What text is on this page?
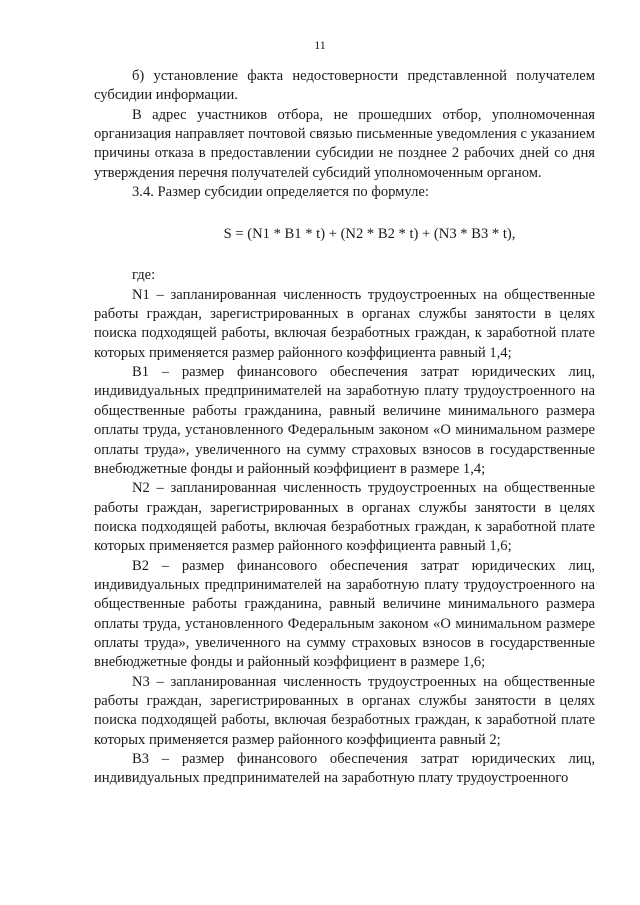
11

б) установление факта недостоверности представленной получателем субсидии информации.

В адрес участников отбора, не прошедших отбор, уполномоченная организация направляет почтовой связью письменные уведомления с указанием причины отказа в предоставлении субсидии не позднее 2 рабочих дней со дня утверждения перечня получателей субсидий уполномоченным органом.

3.4. Размер субсидии определяется по формуле:

S = (N1 * В1 * t) + (N2 * В2 * t) + (N3 * В3 * t),

где:

N1 – запланированная численность трудоустроенных на общественные работы граждан, зарегистрированных в органах службы занятости в целях поиска подходящей работы, включая безработных граждан, к заработной плате которых применяется размер районного коэффициента равный 1,4;

В1 – размер финансового обеспечения затрат юридических лиц, индивидуальных предпринимателей на заработную плату трудоустроенного на общественные работы гражданина, равный величине минимального размера оплаты труда, установленного Федеральным законом «О минимальном размере оплаты труда», увеличенного на сумму страховых взносов в государственные внебюджетные фонды и районный коэффициент в размере 1,4;

N2 – запланированная численность трудоустроенных на общественные работы граждан, зарегистрированных в органах службы занятости в целях поиска подходящей работы, включая безработных граждан, к заработной плате которых применяется размер районного коэффициента равный 1,6;

В2 – размер финансового обеспечения затрат юридических лиц, индивидуальных предпринимателей на заработную плату трудоустроенного на общественные работы гражданина, равный величине минимального размера оплаты труда, установленного Федеральным законом «О минимальном размере оплаты труда», увеличенного на сумму страховых взносов в государственные внебюджетные фонды и районный коэффициент в размере 1,6;

N3 – запланированная численность трудоустроенных на общественные работы граждан, зарегистрированных в органах службы занятости в целях поиска подходящей работы, включая безработных граждан, к заработной плате которых применяется размер районного коэффициента равный 2;

В3 – размер финансового обеспечения затрат юридических лиц, индивидуальных предпринимателей на заработную плату трудоустроенного
